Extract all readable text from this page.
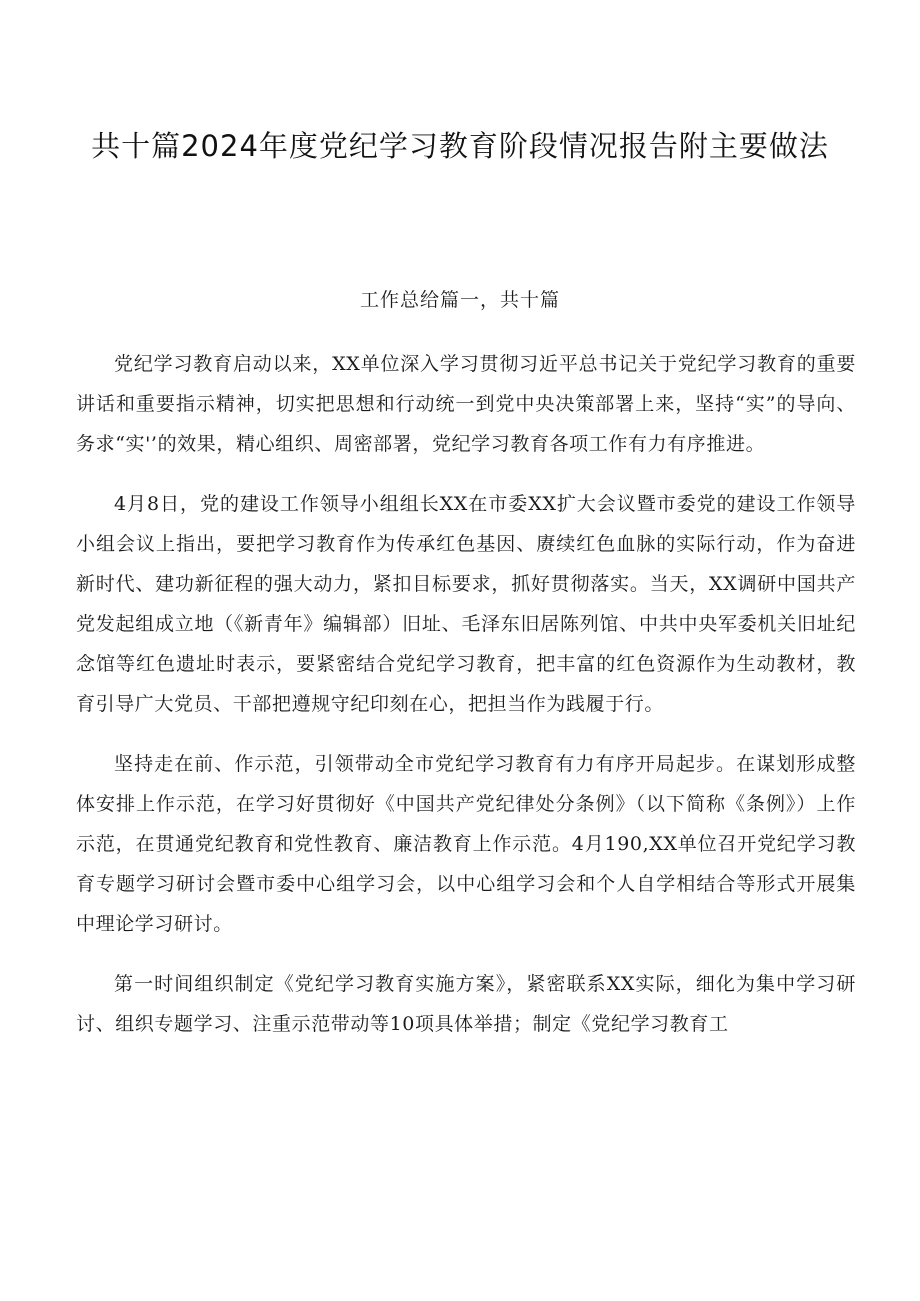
共十篇2024年度党纪学习教育阶段情况报告附主要做法
工作总给篇一，共十篇

党纪学习教育启动以来，XX单位深入学习贯彻习近平总书记关于党纪学习教育的重要讲话和重要指示精神，切实把思想和行动统一到党中央决策部署上来，坚持“实”的导向、务求“实'’的效果，精心组织、周密部署，党纪学习教育各项工作有力有序推进。

4月8日，党的建设工作领导小组组长XX在市委XX扩大会议暨市委党的建设工作领导小组会议上指出，要把学习教育作为传承红色基因、赓续红色血脉的实际行动，作为奋进新时代、建功新征程的强大动力，紧扣目标要求，抓好贯彻落实。当天，XX调研中国共产党发起组成立地（《新青年》编辑部）旧址、毛泽东旧居陈列馆、中共中央军委机关旧址纪念馆等红色遗址时表示，要紧密结合党纪学习教育，把丰富的红色资源作为生动教材，教育引导广大党员、干部把遵规守纪印刻在心，把担当作为践履于行。

坚持走在前、作示范，引领带动全市党纪学习教育有力有序开局起步。在谋划形成整体安排上作示范，在学习好贯彻好《中国共产党纪律处分条例》（以下简称《条例》）上作示范，在贯通党纪教育和党性教育、廉洁教育上作示范。4月190,XX单位召开党纪学习教育专题学习研讨会暨市委中心组学习会，以中心组学习会和个人自学相结合等形式开展集中理论学习研讨。

第一时间组织制定《党纪学习教育实施方案》，紧密联系XX实际，细化为集中学习研讨、组织专题学习、注重示范带动等10项具体举措；制定《党纪学习教育工
